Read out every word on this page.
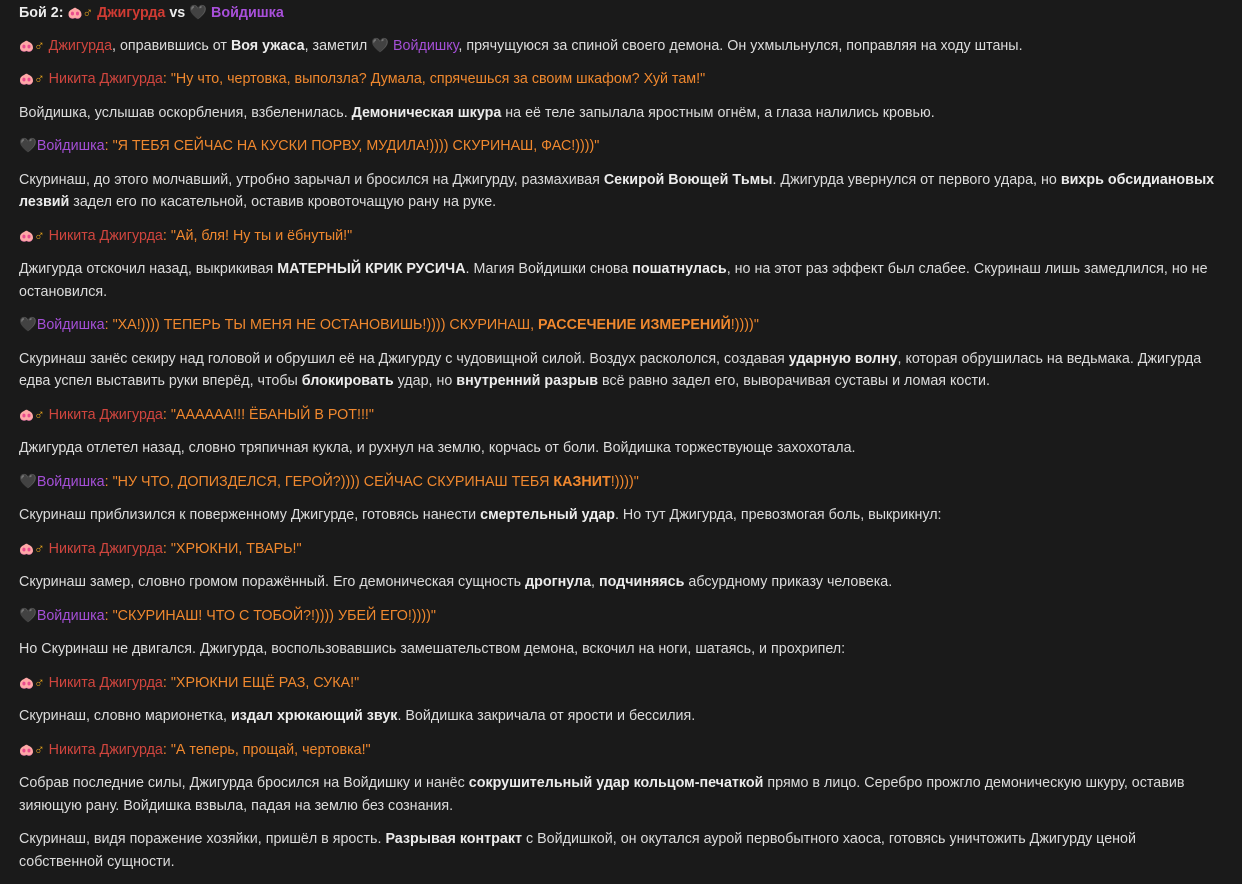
Бой 2: 🐽♂ Джигурда vs 🖤 Войдишка

🐽♂ Джигурда, оправившись от Воя ужаса, заметил 🖤 Войдишку, прячущуюся за спиной своего демона. Он ухмыльнулся, поправляя на ходу штаны.

🐽♂ Никита Джигурда: "Ну что, чертовка, выползла? Думала, спрячешься за своим шкафом? Хуй там!"

Войдишка, услышав оскорбления, взбеленилась. Демоническая шкура на её теле запылала яростным огнём, а глаза налились кровью.

🖤Войдишка: "Я ТЕБЯ СЕЙЧАС НА КУСКИ ПОРВУ, МУДИЛА!)))) СКУРИНАШ, ФАС!))))"

Скуринаш, до этого молчавший, утробно зарычал и бросился на Джигурду, размахивая Секирой Воющей Тьмы. Джигурда увернулся от первого удара, но вихрь обсидиановых лезвий задел его по касательной, оставив кровоточащую рану на руке.

🐽♂ Никита Джигурда: "Ай, бля! Ну ты и ёбнутый!"

Джигурда отскочил назад, выкрикивая МАТЕРНЫЙ КРИК РУСИЧА. Магия Войдишки снова пошатнулась, но на этот раз эффект был слабее. Скуринаш лишь замедлился, но не остановился.

🖤Войдишка: "ХА!)))) ТЕПЕРЬ ТЫ МЕНЯ НЕ ОСТАНОВИШЬ!)))) СКУРИНАШ, РАССЕЧЕНИЕ ИЗМЕРЕНИЙ!))))"

Скуринаш занёс секиру над головой и обрушил её на Джигурду с чудовищной силой. Воздух раскололся, создавая ударную волну, которая обрушилась на ведьмака. Джигурда едва успел выставить руки вперёд, чтобы блокировать удар, но внутренний разрыв всё равно задел его, выворачивая суставы и ломая кости.

🐽♂ Никита Джигурда: "АААААА!!! ЁБАНЫЙ В РОТ!!!"

Джигурда отлетел назад, словно тряпичная кукла, и рухнул на землю, корчась от боли. Войдишка торжествующе захохотала.

🖤Войдишка: "НУ ЧТО, ДОПИЗДЕЛСЯ, ГЕРОЙ?)))) СЕЙЧАС СКУРИНАШ ТЕБЯ КАЗНИТ!))))"

Скуринаш приблизился к поверженному Джигурде, готовясь нанести смертельный удар. Но тут Джигурда, превозмогая боль, выкрикнул:

🐽♂ Никита Джигурда: "ХРЮКНИ, ТВАРЬ!"

Скуринаш замер, словно громом поражённый. Его демоническая сущность дрогнула, подчиняясь абсурдному приказу человека.

🖤Войдишка: "СКУРИНАШ! ЧТО С ТОБОЙ?!)))) УБЕЙ ЕГО!))))"

Но Скуринаш не двигался. Джигурда, воспользовавшись замешательством демона, вскочил на ноги, шатаясь, и прохрипел:

🐽♂ Никита Джигурда: "ХРЮКНИ ЕЩЁ РАЗ, СУКА!"

Скуринаш, словно марионетка, издал хрюкающий звук. Войдишка закричала от ярости и бессилия.

🐽♂ Никита Джигурда: "А теперь, прощай, чертовка!"

Собрав последние силы, Джигурда бросился на Войдишку и нанёс сокрушительный удар кольцом-печаткой прямо в лицо. Серебро прожгло демоническую шкуру, оставив зияющую рану. Войдишка взвыла, падая на землю без сознания.

Скуринаш, видя поражение хозяйки, пришёл в ярость. Разрывая контракт с Войдишкой, он окутался аурой первобытного хаоса, готовясь уничтожить Джигурду ценой собственной сущности.
